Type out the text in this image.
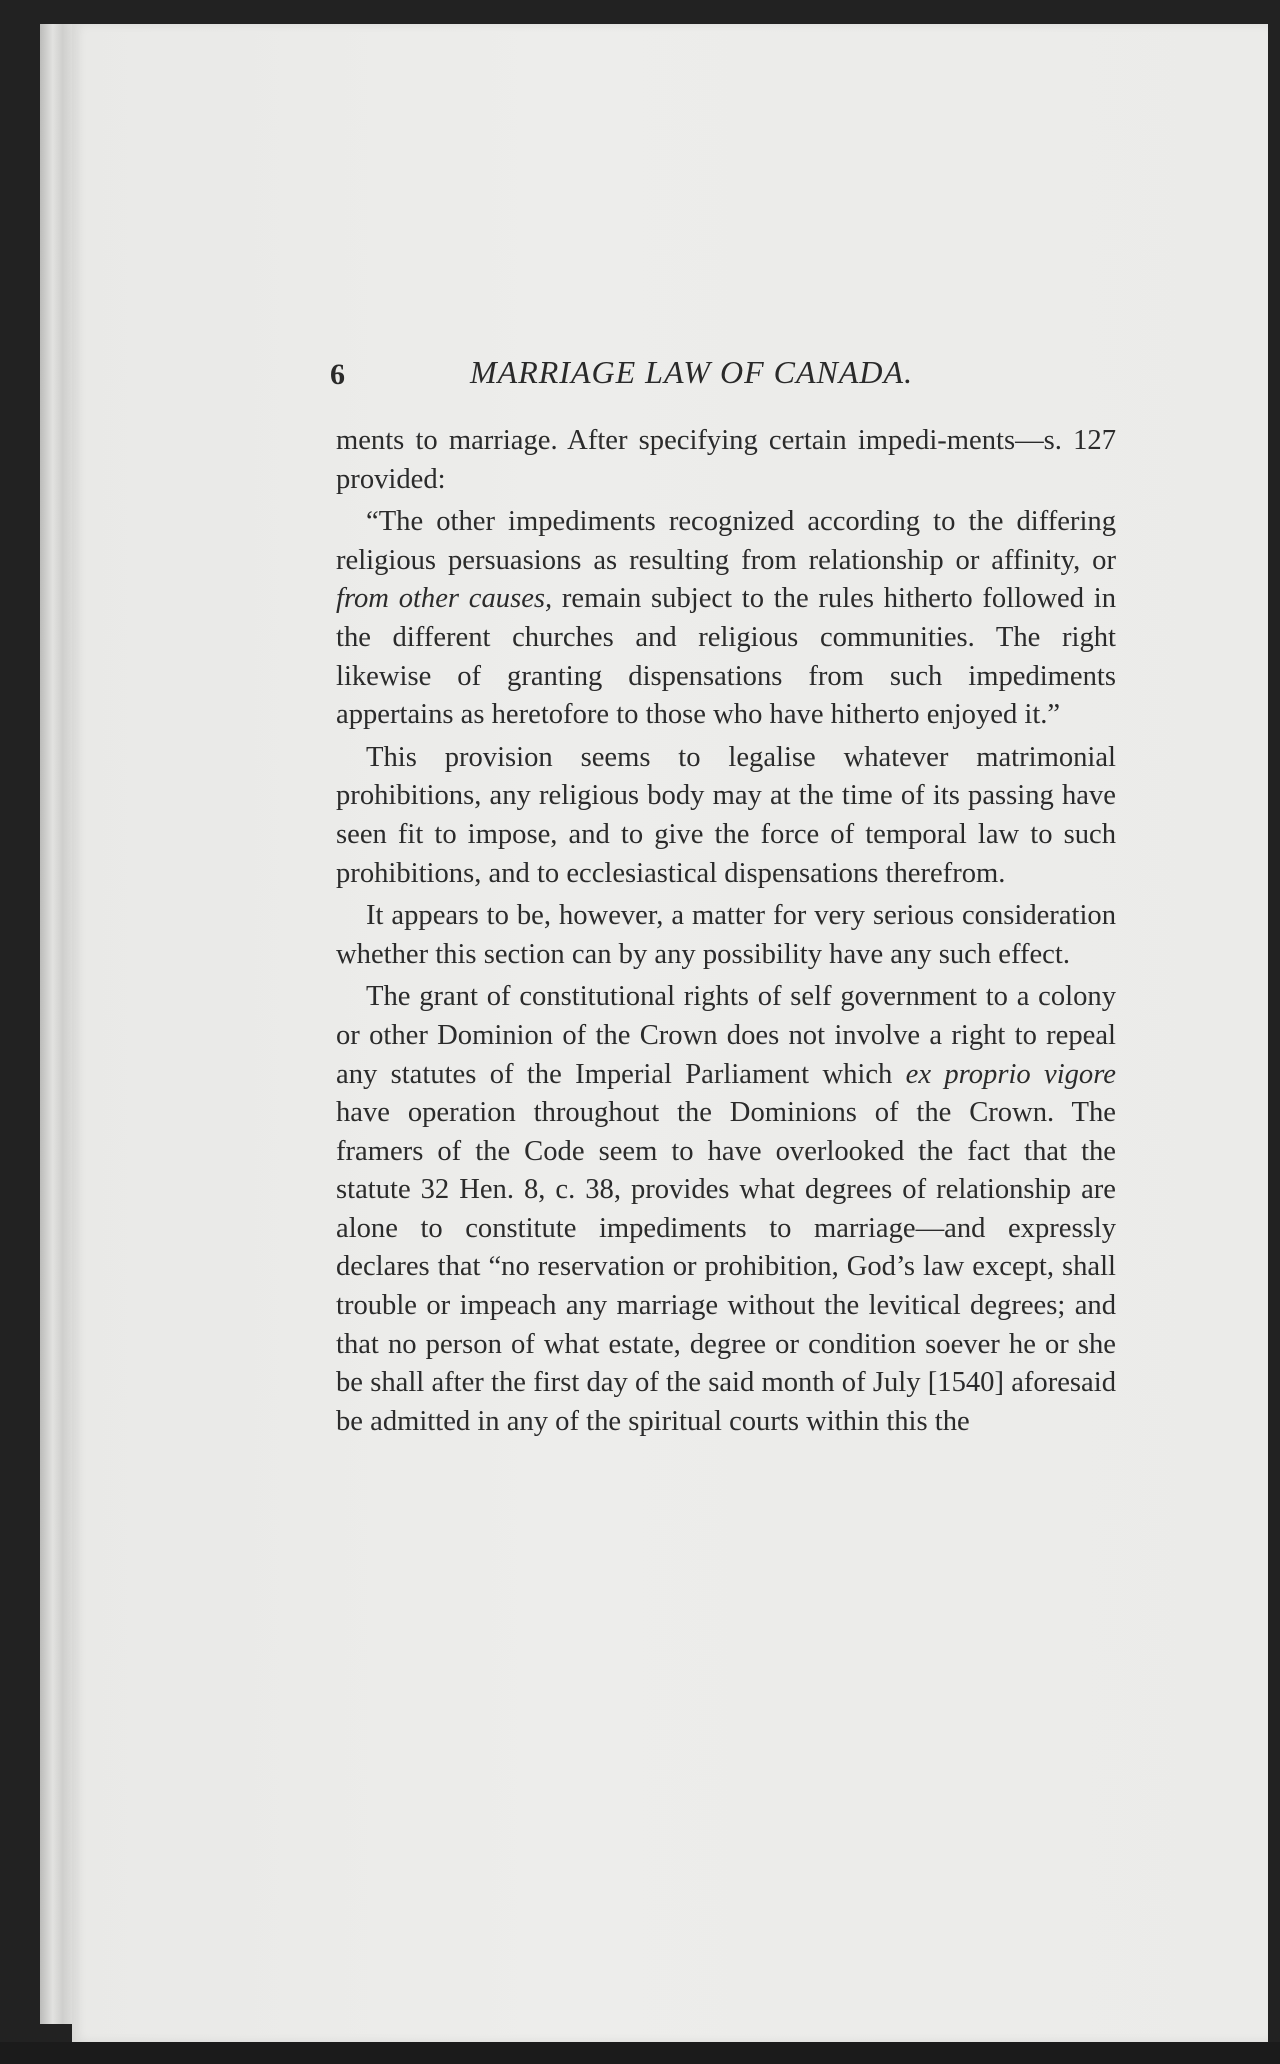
6	MARRIAGE LAW OF CANADA.

ments to marriage. After specifying certain impedi-ments—s. 127 provided:

“The other impediments recognized according to the differing religious persuasions as resulting from relationship or affinity, or from other causes, remain subject to the rules hitherto followed in the different churches and religious communities. The right likewise of granting dispensations from such impediments appertains as heretofore to those who have hitherto enjoyed it.”

This provision seems to legalise whatever matrimonial prohibitions, any religious body may at the time of its passing have seen fit to impose, and to give the force of temporal law to such prohibitions, and to ecclesiastical dispensations therefrom.

It appears to be, however, a matter for very serious consideration whether this section can by any possibility have any such effect.

The grant of constitutional rights of self government to a colony or other Dominion of the Crown does not involve a right to repeal any statutes of the Imperial Parliament which ex proprio vigore have operation throughout the Dominions of the Crown. The framers of the Code seem to have overlooked the fact that the statute 32 Hen. 8, c. 38, provides what degrees of relationship are alone to constitute impediments to marriage—and expressly declares that “no reservation or prohibition, God’s law except, shall trouble or impeach any marriage without the levitical degrees; and that no person of what estate, degree or condition soever he or she be shall after the first day of the said month of July [1540] aforesaid be admitted in any of the spiritual courts within this the
